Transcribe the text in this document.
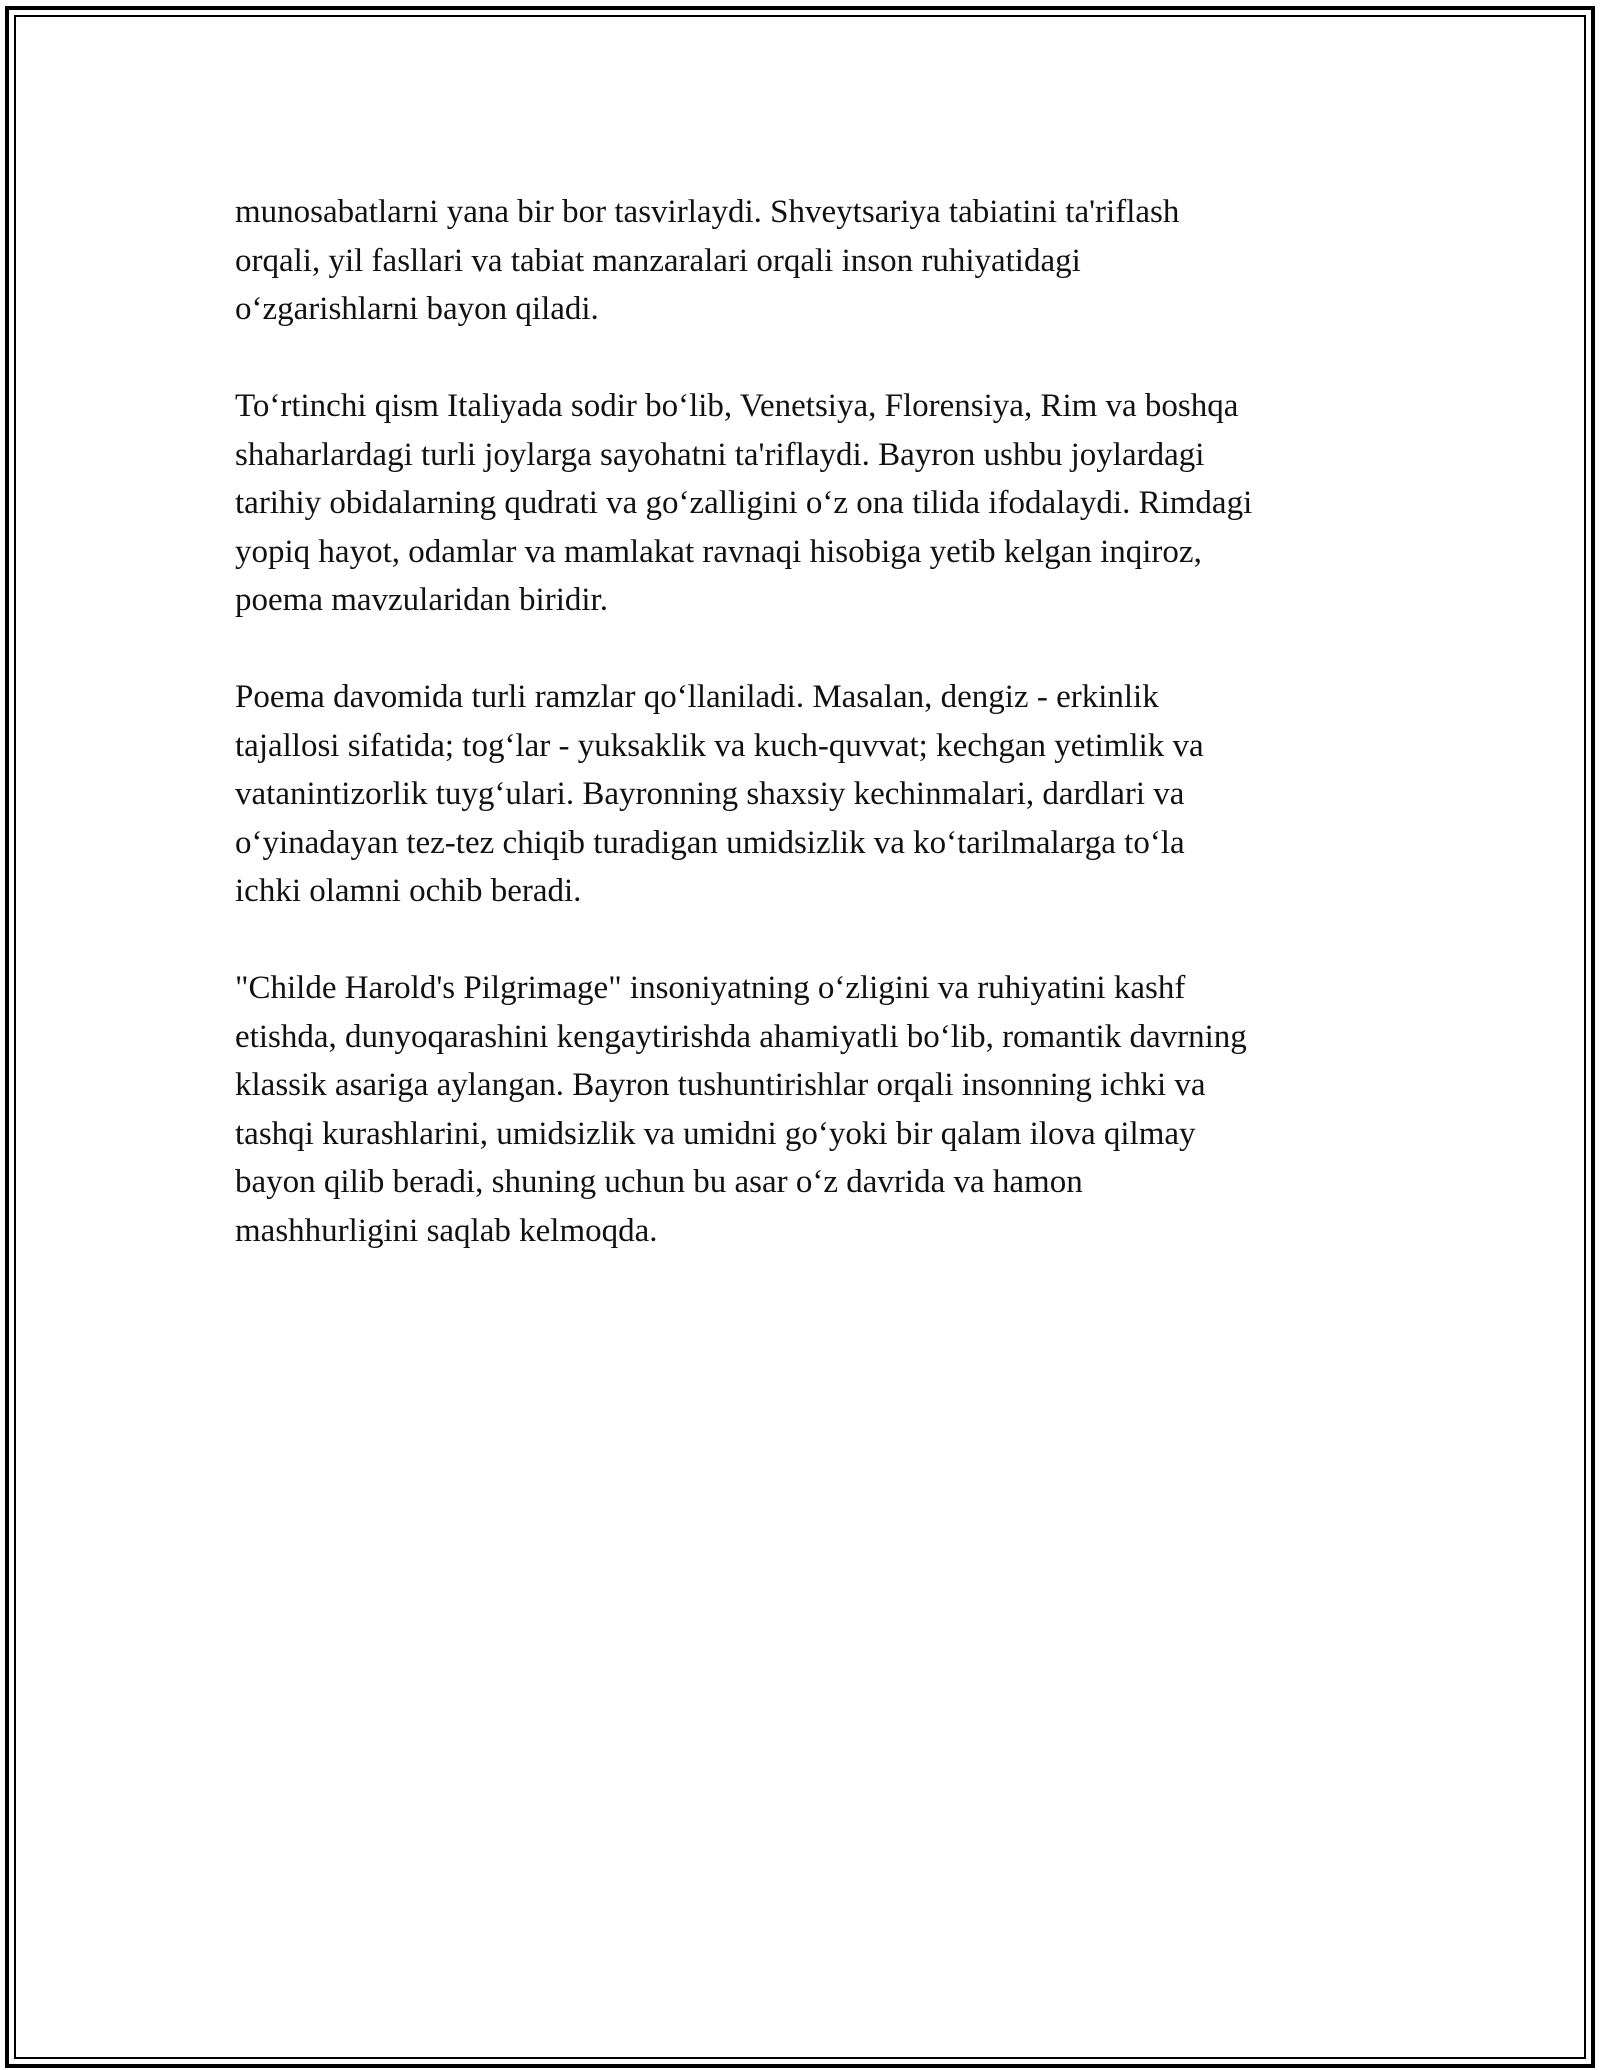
munosabatlarni yana bir bor tasvirlaydi. Shveytsariya tabiatini ta'riflash
orqali, yil fasllari va tabiat manzaralari orqali inson ruhiyatidagi
o‘zgarishlarni bayon qiladi.

To‘rtinchi qism Italiyada sodir bo‘lib, Venetsiya, Florensiya, Rim va boshqa
shaharlardagi turli joylarga sayohatni ta'riflaydi. Bayron ushbu joylardagi
tarihiy obidalarning qudrati va go‘zalligini o‘z ona tilida ifodalaydi. Rimdagi
yopiq hayot, odamlar va mamlakat ravnaqi hisobiga yetib kelgan inqiroz,
poema mavzularidan biridir.

Poema davomida turli ramzlar qo‘llaniladi. Masalan, dengiz - erkinlik
tajallosi sifatida; tog‘lar - yuksaklik va kuch-quvvat; kechgan yetimlik va
vatanintizorlik tuyg‘ulari. Bayronning shaxsiy kechinmalari, dardlari va
o‘yinadayan tez-tez chiqib turadigan umidsizlik va ko‘tarilmalarga to‘la
ichki olamni ochib beradi.

"Childe Harold's Pilgrimage" insoniyatning o‘zligini va ruhiyatini kashf
etishda, dunyoqarashini kengaytirishda ahamiyatli bo‘lib, romantik davrning
klassik asariga aylangan. Bayron tushuntirishlar orqali insonning ichki va
tashqi kurashlarini, umidsizlik va umidni go‘yoki bir qalam ilova qilmay
bayon qilib beradi, shuning uchun bu asar o‘z davrida va hamon
mashhurligini saqlab kelmoqda.
